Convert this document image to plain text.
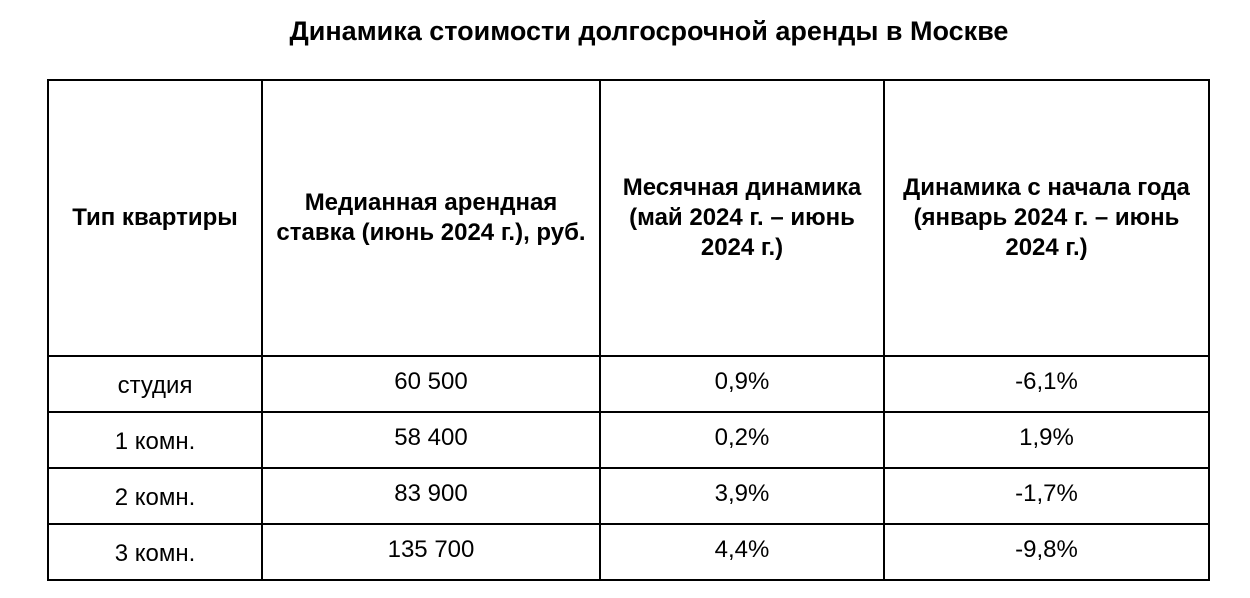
Динамика стоимости долгосрочной аренды в Москве
Тип квартиры	Медианная арендная ставка (июнь 2024 г.), руб.	Месячная динамика (май 2024 г. – июнь 2024 г.)	Динамика с начала года (январь 2024 г. – июнь 2024 г.)
студия	60 500	0,9%	-6,1%
1 комн.	58 400	0,2%	1,9%
2 комн.	83 900	3,9%	-1,7%
3 комн.	135 700	4,4%	-9,8%
